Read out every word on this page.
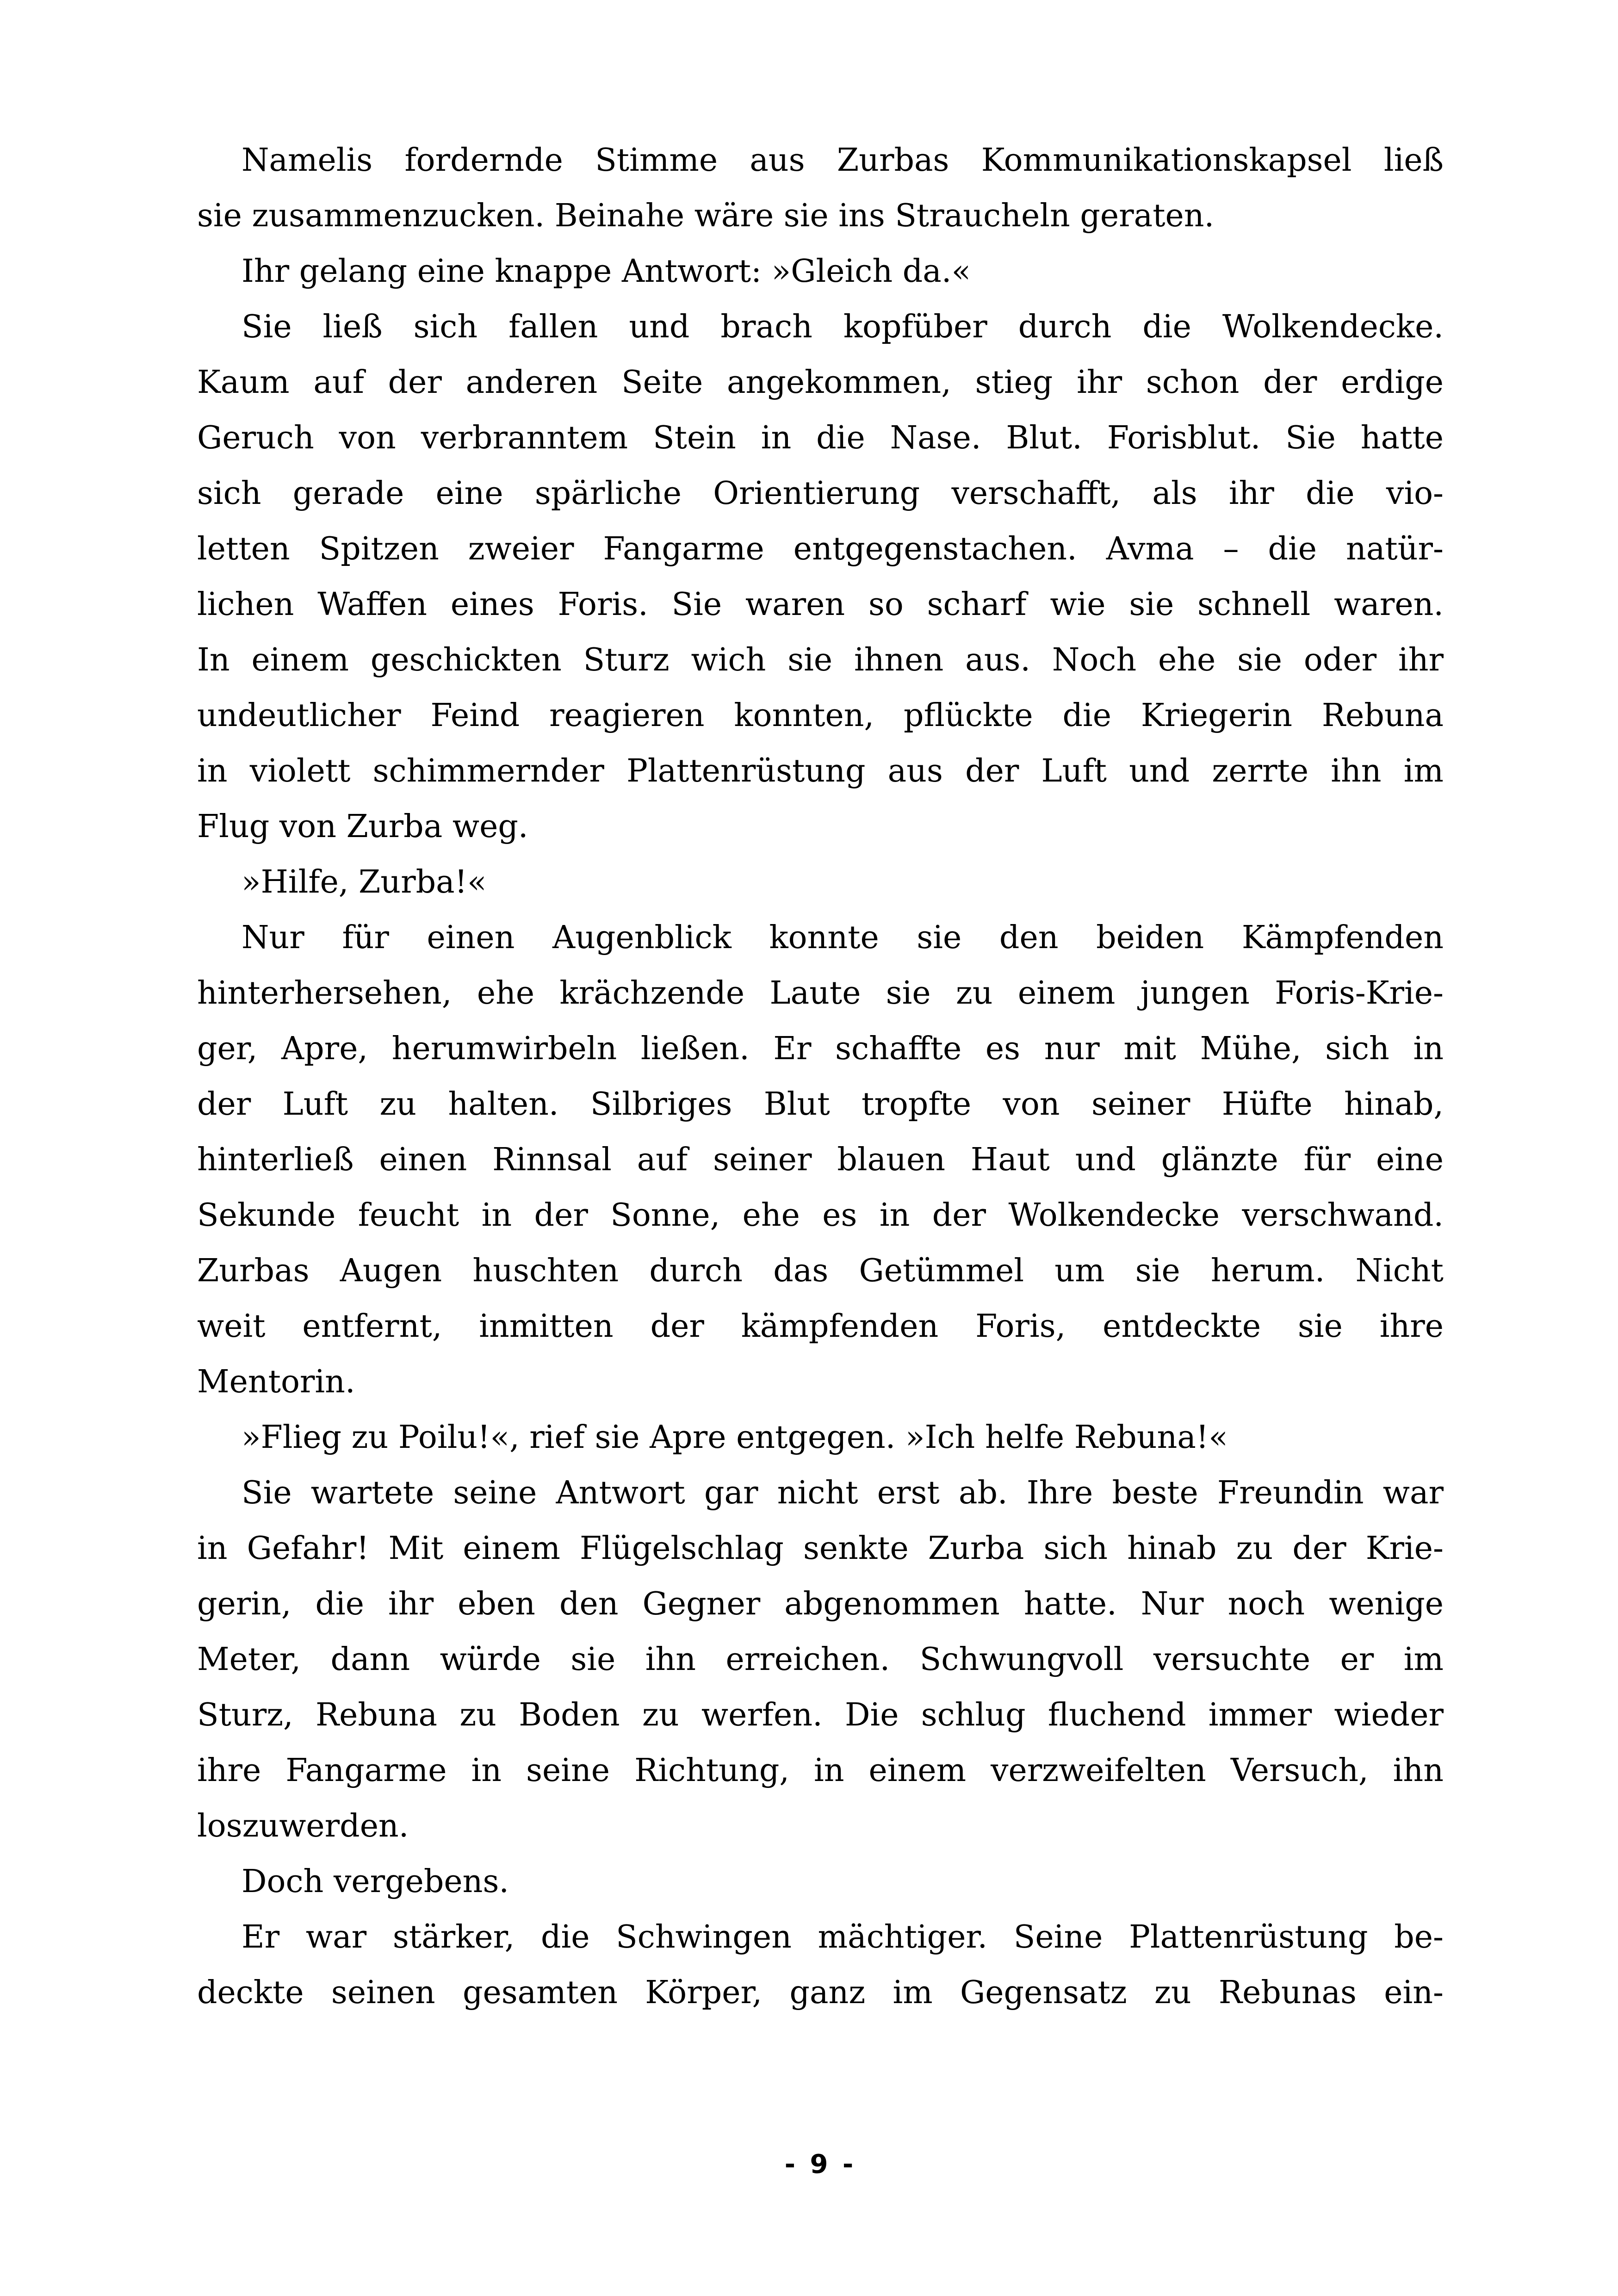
Namelis fordernde Stimme aus Zurbas Kommunikationskapsel ließ
sie zusammenzucken. Beinahe wäre sie ins Straucheln geraten.
Ihr gelang eine knappe Antwort: »Gleich da.«
Sie ließ sich fallen und brach kopfüber durch die Wolkendecke.
Kaum auf der anderen Seite angekommen, stieg ihr schon der erdige
Geruch von verbranntem Stein in die Nase. Blut. Forisblut. Sie hatte
sich gerade eine spärliche Orientierung verschafft, als ihr die vio-
letten Spitzen zweier Fangarme entgegenstachen. Avma – die natür-
lichen Waffen eines Foris. Sie waren so scharf wie sie schnell waren.
In einem geschickten Sturz wich sie ihnen aus. Noch ehe sie oder ihr
undeutlicher Feind reagieren konnten, pflückte die Kriegerin Rebuna
in violett schimmernder Plattenrüstung aus der Luft und zerrte ihn im
Flug von Zurba weg.
»Hilfe, Zurba!«
Nur für einen Augenblick konnte sie den beiden Kämpfenden
hinterhersehen, ehe krächzende Laute sie zu einem jungen Foris-Krie-
ger, Apre, herumwirbeln ließen. Er schaffte es nur mit Mühe, sich in
der Luft zu halten. Silbriges Blut tropfte von seiner Hüfte hinab,
hinterließ einen Rinnsal auf seiner blauen Haut und glänzte für eine
Sekunde feucht in der Sonne, ehe es in der Wolkendecke verschwand.
Zurbas Augen huschten durch das Getümmel um sie herum. Nicht
weit entfernt, inmitten der kämpfenden Foris, entdeckte sie ihre
Mentorin.
»Flieg zu Poilu!«, rief sie Apre entgegen. »Ich helfe Rebuna!«
Sie wartete seine Antwort gar nicht erst ab. Ihre beste Freundin war
in Gefahr! Mit einem Flügelschlag senkte Zurba sich hinab zu der Krie-
gerin, die ihr eben den Gegner abgenommen hatte. Nur noch wenige
Meter, dann würde sie ihn erreichen. Schwungvoll versuchte er im
Sturz, Rebuna zu Boden zu werfen. Die schlug fluchend immer wieder
ihre Fangarme in seine Richtung, in einem verzweifelten Versuch, ihn
loszuwerden.
Doch vergebens.
Er war stärker, die Schwingen mächtiger. Seine Plattenrüstung be-
deckte seinen gesamten Körper, ganz im Gegensatz zu Rebunas ein-
- 9 -
